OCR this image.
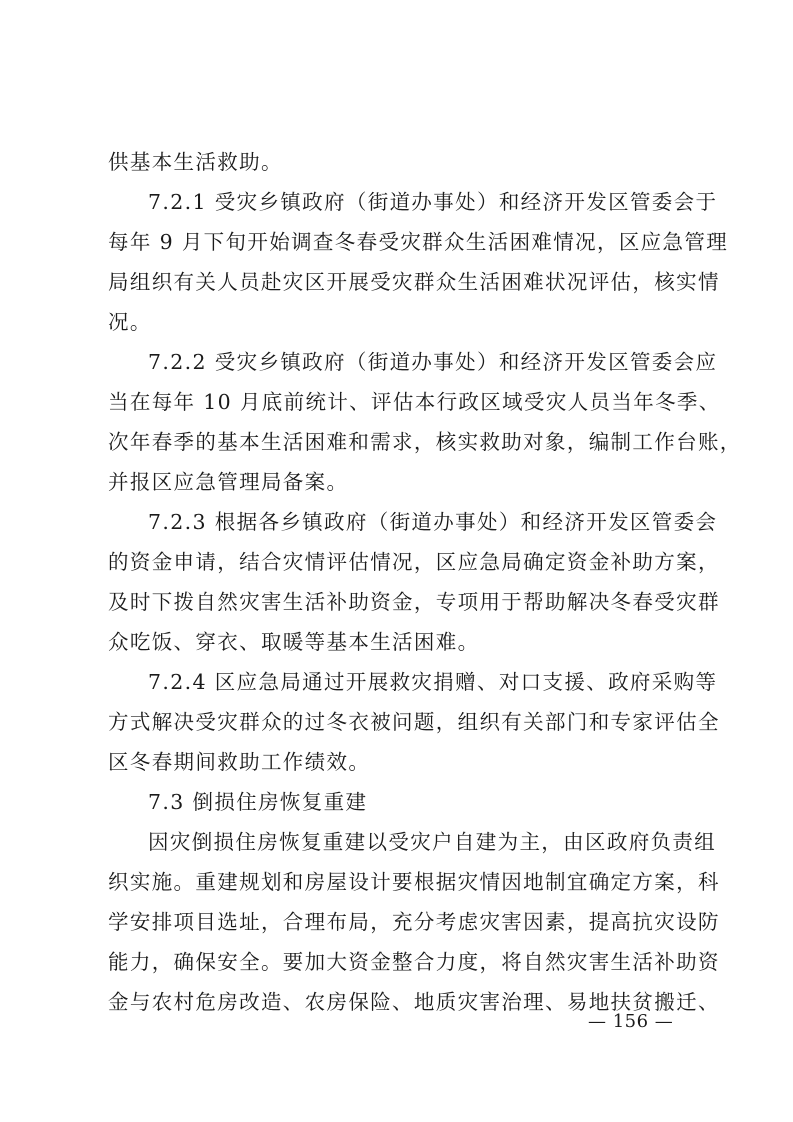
供基本生活救助。
7.2.1 受灾乡镇政府（街道办事处）和经济开发区管委会于
每年 9 月下旬开始调查冬春受灾群众生活困难情况，区应急管理
局组织有关人员赴灾区开展受灾群众生活困难状况评估，核实情
况。
7.2.2 受灾乡镇政府（街道办事处）和经济开发区管委会应
当在每年 10 月底前统计、评估本行政区域受灾人员当年冬季、
次年春季的基本生活困难和需求，核实救助对象，编制工作台账，
并报区应急管理局备案。
7.2.3 根据各乡镇政府（街道办事处）和经济开发区管委会
的资金申请，结合灾情评估情况，区应急局确定资金补助方案，
及时下拨自然灾害生活补助资金，专项用于帮助解决冬春受灾群
众吃饭、穿衣、取暖等基本生活困难。
7.2.4 区应急局通过开展救灾捐赠、对口支援、政府采购等
方式解决受灾群众的过冬衣被问题，组织有关部门和专家评估全
区冬春期间救助工作绩效。
7.3 倒损住房恢复重建
因灾倒损住房恢复重建以受灾户自建为主，由区政府负责组
织实施。重建规划和房屋设计要根据灾情因地制宜确定方案，科
学安排项目选址，合理布局，充分考虑灾害因素，提高抗灾设防
能力，确保安全。要加大资金整合力度，将自然灾害生活补助资
金与农村危房改造、农房保险、地质灾害治理、易地扶贫搬迁、
— 156 —
